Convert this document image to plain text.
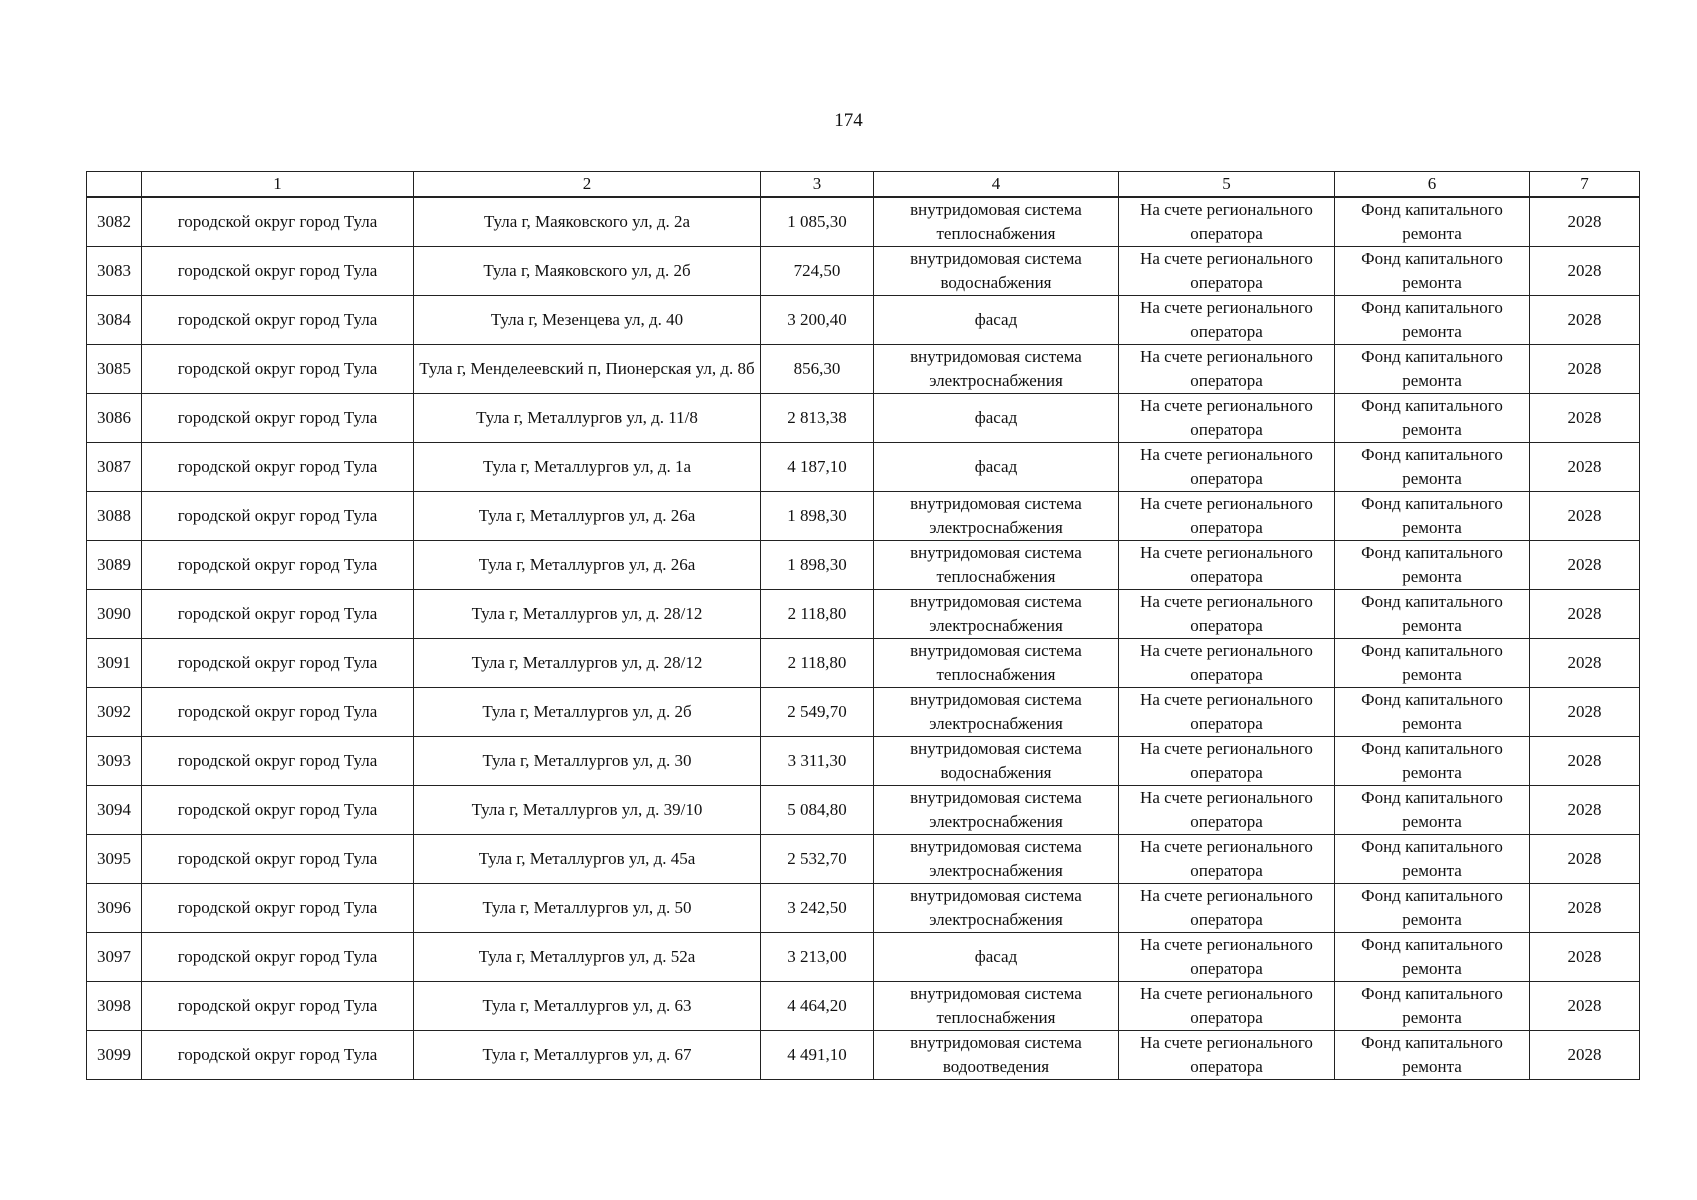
174
	1	2	3	4	5	6	7
3082	городской округ город Тула	Тула г, Маяковского ул, д. 2а	1 085,30	внутридомовая система теплоснабжения	На счете регионального оператора	Фонд капитального ремонта	2028
3083	городской округ город Тула	Тула г, Маяковского ул, д. 2б	724,50	внутридомовая система водоснабжения	На счете регионального оператора	Фонд капитального ремонта	2028
3084	городской округ город Тула	Тула г, Мезенцева ул, д. 40	3 200,40	фасад	На счете регионального оператора	Фонд капитального ремонта	2028
3085	городской округ город Тула	Тула г, Менделеевский п, Пионерская ул, д. 8б	856,30	внутридомовая система электроснабжения	На счете регионального оператора	Фонд капитального ремонта	2028
3086	городской округ город Тула	Тула г, Металлургов ул, д. 11/8	2 813,38	фасад	На счете регионального оператора	Фонд капитального ремонта	2028
3087	городской округ город Тула	Тула г, Металлургов ул, д. 1а	4 187,10	фасад	На счете регионального оператора	Фонд капитального ремонта	2028
3088	городской округ город Тула	Тула г, Металлургов ул, д. 26а	1 898,30	внутридомовая система электроснабжения	На счете регионального оператора	Фонд капитального ремонта	2028
3089	городской округ город Тула	Тула г, Металлургов ул, д. 26а	1 898,30	внутридомовая система теплоснабжения	На счете регионального оператора	Фонд капитального ремонта	2028
3090	городской округ город Тула	Тула г, Металлургов ул, д. 28/12	2 118,80	внутридомовая система электроснабжения	На счете регионального оператора	Фонд капитального ремонта	2028
3091	городской округ город Тула	Тула г, Металлургов ул, д. 28/12	2 118,80	внутридомовая система теплоснабжения	На счете регионального оператора	Фонд капитального ремонта	2028
3092	городской округ город Тула	Тула г, Металлургов ул, д. 2б	2 549,70	внутридомовая система электроснабжения	На счете регионального оператора	Фонд капитального ремонта	2028
3093	городской округ город Тула	Тула г, Металлургов ул, д. 30	3 311,30	внутридомовая система водоснабжения	На счете регионального оператора	Фонд капитального ремонта	2028
3094	городской округ город Тула	Тула г, Металлургов ул, д. 39/10	5 084,80	внутридомовая система электроснабжения	На счете регионального оператора	Фонд капитального ремонта	2028
3095	городской округ город Тула	Тула г, Металлургов ул, д. 45а	2 532,70	внутридомовая система электроснабжения	На счете регионального оператора	Фонд капитального ремонта	2028
3096	городской округ город Тула	Тула г, Металлургов ул, д. 50	3 242,50	внутридомовая система электроснабжения	На счете регионального оператора	Фонд капитального ремонта	2028
3097	городской округ город Тула	Тула г, Металлургов ул, д. 52а	3 213,00	фасад	На счете регионального оператора	Фонд капитального ремонта	2028
3098	городской округ город Тула	Тула г, Металлургов ул, д. 63	4 464,20	внутридомовая система теплоснабжения	На счете регионального оператора	Фонд капитального ремонта	2028
3099	городской округ город Тула	Тула г, Металлургов ул, д. 67	4 491,10	внутридомовая система водоотведения	На счете регионального оператора	Фонд капитального ремонта	2028
